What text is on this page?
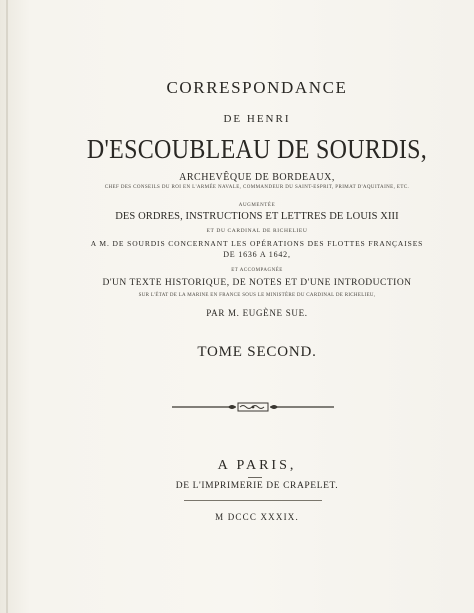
CORRESPONDANCE
DE HENRI
D'ESCOUBLEAU DE SOURDIS,
ARCHEVÊQUE DE BORDEAUX,
CHEF DES CONSEILS DU ROI EN L'ARMÉE NAVALE, COMMANDEUR DU SAINT-ESPRIT, PRIMAT D'AQUITAINE, ETC.
AUGMENTÉE
DES ORDRES, INSTRUCTIONS ET LETTRES DE LOUIS XIII
ET DU CARDINAL DE RICHELIEU
A M. DE SOURDIS CONCERNANT LES OPÉRATIONS DES FLOTTES FRANÇAISES
DE 1636 A 1642,
ET ACCOMPAGNÉE
D'UN TEXTE HISTORIQUE, DE NOTES ET D'UNE INTRODUCTION
SUR L'ÉTAT DE LA MARINE EN FRANCE SOUS LE MINISTÈRE DU CARDINAL DE RICHELIEU,
PAR M. EUGÈNE SUE.
TOME SECOND.
A PARIS,
DE L'IMPRIMERIE DE CRAPELET.
M DCCC XXXIX.
